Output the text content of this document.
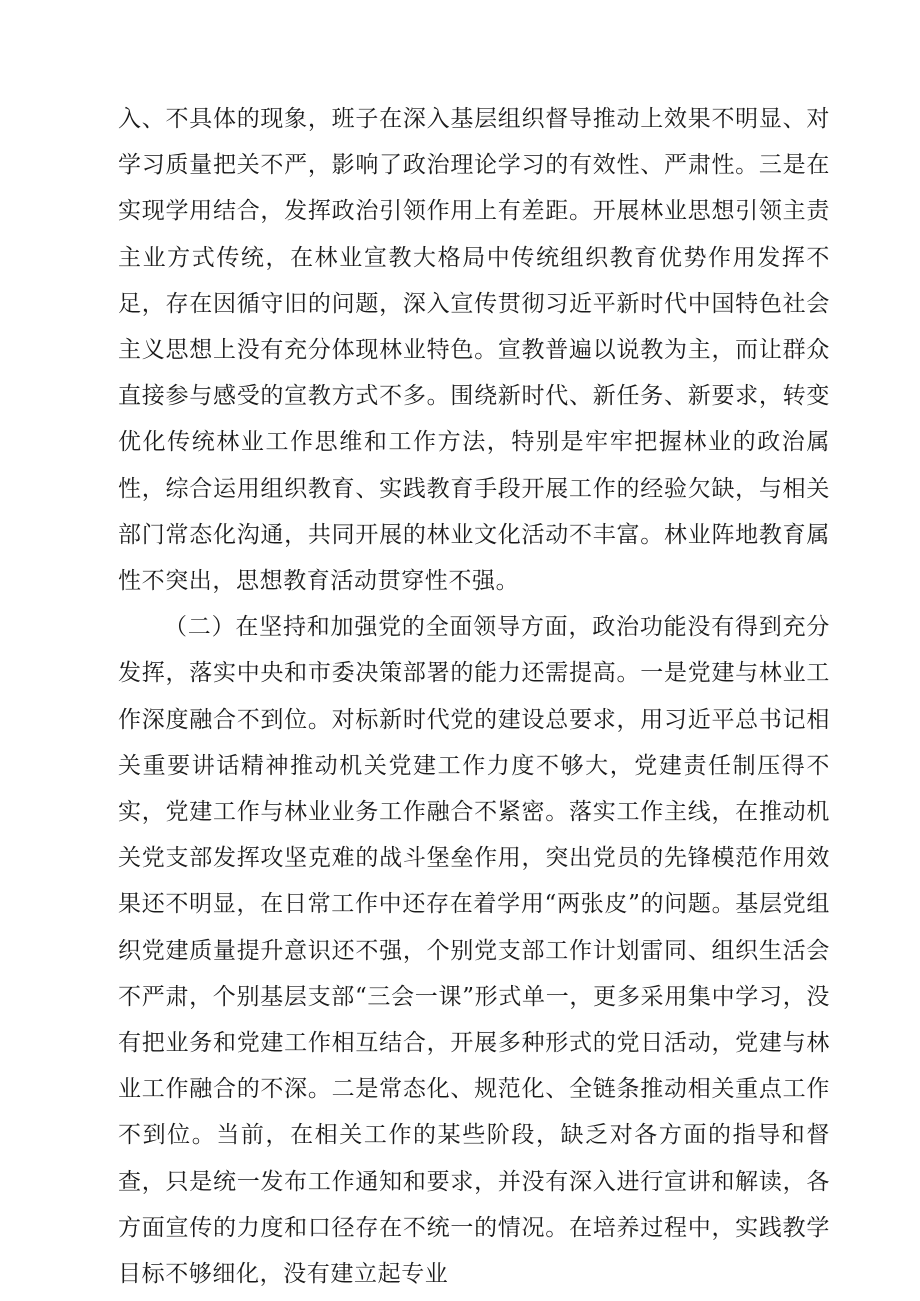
入、不具体的现象，班子在深入基层组织督导推动上效果不明显、对学习质量把关不严，影响了政治理论学习的有效性、严肃性。三是在实现学用结合，发挥政治引领作用上有差距。开展林业思想引领主责主业方式传统，在林业宣教大格局中传统组织教育优势作用发挥不足，存在因循守旧的问题，深入宣传贯彻习近平新时代中国特色社会主义思想上没有充分体现林业特色。宣教普遍以说教为主，而让群众直接参与感受的宣教方式不多。围绕新时代、新任务、新要求，转变优化传统林业工作思维和工作方法，特别是牢牢把握林业的政治属性，综合运用组织教育、实践教育手段开展工作的经验欠缺，与相关部门常态化沟通，共同开展的林业文化活动不丰富。林业阵地教育属性不突出，思想教育活动贯穿性不强。

（二）在坚持和加强党的全面领导方面，政治功能没有得到充分发挥，落实中央和市委决策部署的能力还需提高。一是党建与林业工作深度融合不到位。对标新时代党的建设总要求，用习近平总书记相关重要讲话精神推动机关党建工作力度不够大，党建责任制压得不实，党建工作与林业业务工作融合不紧密。落实工作主线，在推动机关党支部发挥攻坚克难的战斗堡垒作用，突出党员的先锋模范作用效果还不明显，在日常工作中还存在着学用“两张皮”的问题。基层党组织党建质量提升意识还不强，个别党支部工作计划雷同、组织生活会不严肃，个别基层支部“三会一课”形式单一，更多采用集中学习，没有把业务和党建工作相互结合，开展多种形式的党日活动，党建与林业工作融合的不深。二是常态化、规范化、全链条推动相关重点工作不到位。当前，在相关工作的某些阶段，缺乏对各方面的指导和督查，只是统一发布工作通知和要求，并没有深入进行宣讲和解读，各方面宣传的力度和口径存在不统一的情况。在培养过程中，实践教学目标不够细化，没有建立起专业
